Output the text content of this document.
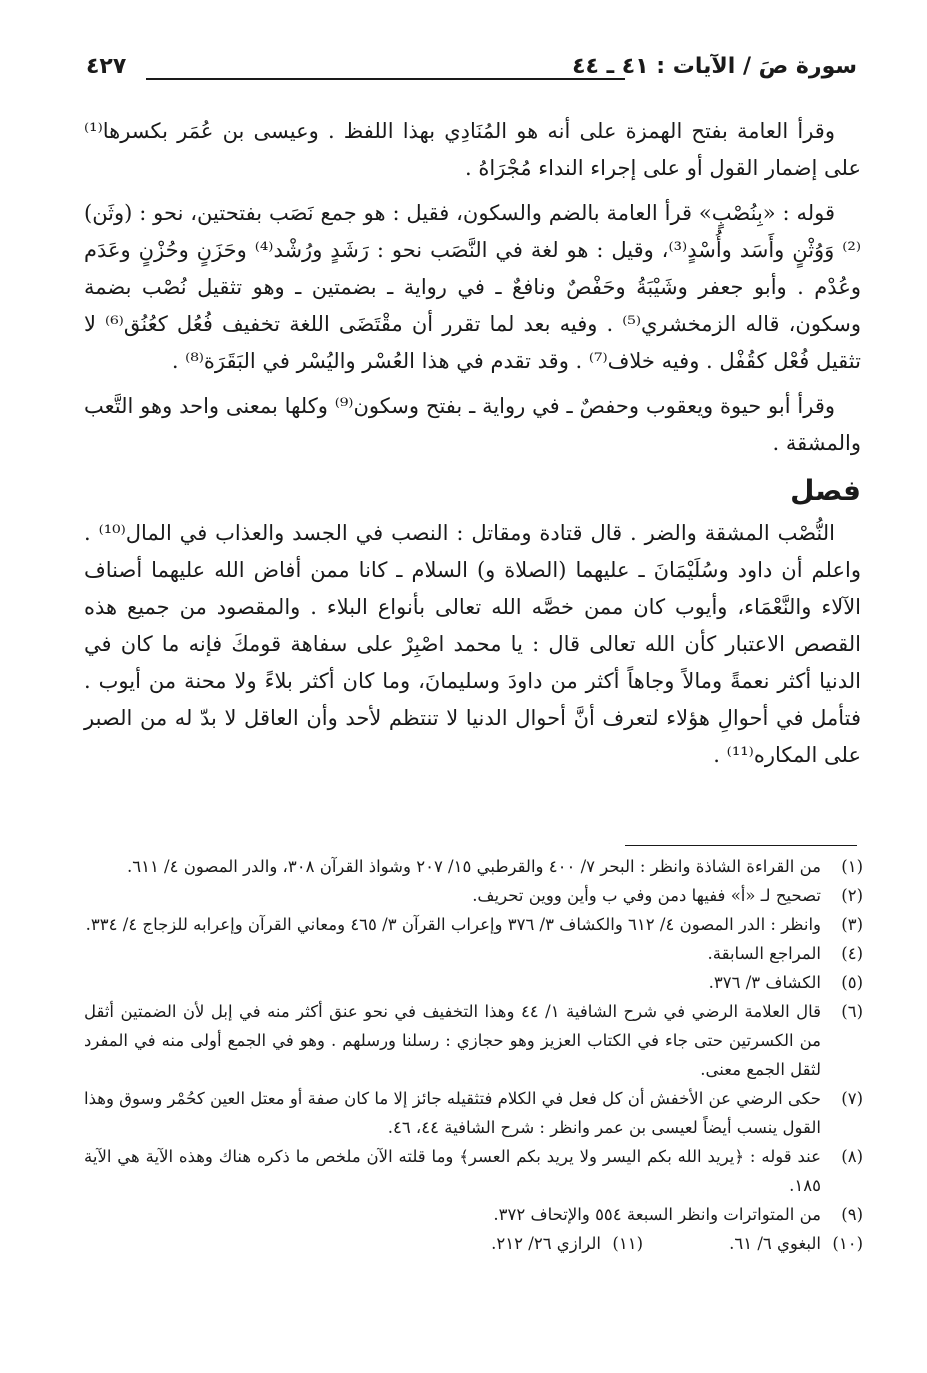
سورة صَ / الآيات : ٤١ ـ ٤٤
٤٢٧

وقرأ العامة بفتح الهمزة على أنه هو المُنَادِي بهذا اللفظ . وعيسى بن عُمَر بكسرها⁽¹⁾ على إضمار القول أو على إجراء النداء مُجْرَاهُ .

قوله : «بِنُصْبٍ» قرأ العامة بالضم والسكون، فقيل : هو جمع نَصَب بفتحتين، نحو : (وثَن)⁽²⁾ وَوُثْنٍ وأَسَد وأُسْدٍ⁽³⁾، وقيل : هو لغة في النَّصَب نحو : رَشَدٍ ورُشْد⁽⁴⁾ وحَزَنٍ وحُزْنٍ وعَدَم وعُدْم . وأبو جعفر وشَيْبَةُ وحَفْصٌ ونافعٌ ـ في رواية ـ بضمتين ـ وهو تثقيل نُصْب بضمة وسكون، قاله الزمخشري⁽⁵⁾ . وفيه بعد لما تقرر أن مقْتَضَى اللغة تخفيف فُعُل كعُنُق⁽⁶⁾ لا تثقيل فُعْل كقُفْل . وفيه خلاف⁽⁷⁾ . وقد تقدم في هذا العُسْر واليُسْر في البَقَرَة⁽⁸⁾ .

وقرأ أبو حيوة ويعقوب وحفصٌ ـ في رواية ـ بفتح وسكون⁽⁹⁾ وكلها بمعنى واحد وهو التَّعب والمشقة .

فصل

النُّصْب المشقة والضر . قال قتادة ومقاتل : النصب في الجسد والعذاب في المال⁽¹⁰⁾ . واعلم أن داود وسُلَيْمَانَ ـ عليهما (الصلاة و) السلام ـ كانا ممن أفاض الله عليهما أصناف الآلاء والنَّعْمَاء، وأيوب كان ممن خصَّه الله تعالى بأنواع البلاء . والمقصود من جميع هذه القصص الاعتبار كأن الله تعالى قال : يا محمد اصْبِرْ على سفاهة قومكَ فإنه ما كان في الدنيا أكثر نعمةً ومالاً وجاهاً أكثر من داودَ وسليمانَ، وما كان أكثر بلاءً ولا محنة من أيوب . فتأمل في أحوالِ هؤلاء لتعرف أنَّ أحوال الدنيا لا تنتظم لأحد وأن العاقل لا بدّ له من الصبر على المكاره⁽¹¹⁾ .

(١)
من القراءة الشاذة وانظر : البحر ٧/ ٤٠٠ والقرطبي ١٥/ ٢٠٧ وشواذ القرآن ٣٠٨، والدر المصون ٤/ ٦١١.
(٢)
تصحيح لـ «أ» ففيها دمن وفي ب وأين ووين تحريف.
(٣)
وانظر : الدر المصون ٤/ ٦١٢ والكشاف ٣/ ٣٧٦ وإعراب القرآن ٣/ ٤٦٥ ومعاني القرآن وإعرابه للزجاج ٤/ ٣٣٤.
(٤)
المراجع السابقة.
(٥)
الكشاف ٣/ ٣٧٦.
(٦)
قال العلامة الرضي في شرح الشافية ١/ ٤٤ وهذا التخفيف في نحو عنق أكثر منه في إبل لأن الضمتين أثقل من الكسرتين حتى جاء في الكتاب العزيز وهو حجازي : رسلنا ورسلهم . وهو في الجمع أولى منه في المفرد لثقل الجمع معنى.
(٧)
حكى الرضي عن الأخفش أن كل فعل في الكلام فتثقيله جائز إلا ما كان صفة أو معتل العين كحُمْر وسوق وهذا القول ينسب أيضاً لعيسى بن عمر وانظر : شرح الشافية ٤٤، ٤٦.
(٨)
عند قوله : ﴿يريد الله بكم اليسر ولا يريد بكم العسر﴾ وما قلته الآن ملخص ما ذكره هناك وهذه الآية هي الآية ١٨٥.
(٩)
من المتواترات وانظر السبعة ٥٥٤ والإتحاف ٣٧٢.
(١٠)
البغوي ٦/ ٦١.
(١١)
الرازي ٢٦/ ٢١٢.
